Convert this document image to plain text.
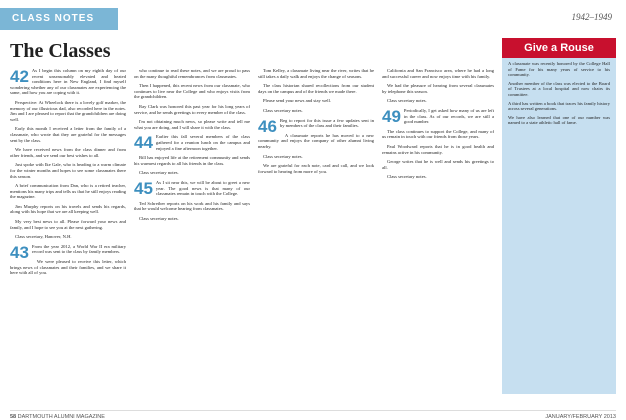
CLASS NOTES	1942–1949
The Classes

42 As I begin this column on my eighth day of our recent unseasonably elevated and heated conditions here in New England, I find myself wondering whether any of our classmates are experiencing the same, and how you are coping with it.

Perspective: At Wheelock there is a lovely golf marker, the memory of our illustrious dad, also recorded here in the notes. Jim and I are pleased to report that the grandchildren are doing well.

Early this month I received a letter from the family of a classmate, who wrote that they are grateful for the messages sent by the class.

We have received news from the class dinner and from other friends, and we send our best wishes to all.

Just spoke with Ike Gale, who is heading to a warm climate for the winter months and hopes to see some classmates there this season.

A brief communication from Dan, who is a retired teacher, mentions his many trips and tells us that he still enjoys reading the magazine.

Jim Murphy reports on his travels and sends his regards, along with his hope that we are all keeping well.

My very best news to all. Please forward your news and family, and I hope to see you at the next gathering.

Class secretary, Hanover, N.H.

43 From the year 2012, a World War II era military record was sent to the class by family members.

We were pleased to receive this letter, which brings news of classmates and their families, and we share it here with all of you.

who continue to read these notes, and we are proud to pass on the many thoughtful remembrances from classmates.

Then I happened, this recent news from our classmate, who continues to live near the College and who enjoys visits from the grandchildren.

Ray Clark was honored this past year for his long years of service, and he sends greetings to every member of the class.

I'm not obtaining much news, so please write and tell me what you are doing, and I will share it with the class.

44 Earlier this fall several members of the class gathered for a reunion lunch on the campus and enjoyed a fine afternoon together.

Bill has enjoyed life at the retirement community and sends his warmest regards to all his friends in the class.

Class secretary notes.

45 As I sit near this, we will be about to greet a new year. The good news is that many of our classmates remain in touch with the College.

Ted Schreiber reports on his work and his family and says that he would welcome hearing from classmates.

Class secretary notes.

Tom Kelley, a classmate living near the river, writes that he still takes a daily walk and enjoys the change of seasons.

The class historian shared recollections from our student days on the campus and of the friends we made there.

Please send your news and stay well.

Class secretary notes.

46 Beg to report for this issue a few updates sent in by members of the class and their families.

A classmate reports he has moved to a new community and enjoys the company of other alumni living nearby.

Class secretary notes.

We are grateful for each note, card and call, and we look forward to hearing from more of you.

California and San Francisco area, where he had a long and successful career and now enjoys time with his family.

We had the pleasure of hearing from several classmates by telephone this season.

Class secretary notes.

49 Periodically, I get asked how many of us are left in the class. As of our records, we are still a good number.

The class continues to support the College, and many of us remain in touch with our friends from those years.

Paul Woodward reports that he is in good health and remains active in his community.

George writes that he is well and sends his greetings to all.

Class secretary notes.

Give a Rouse

A classmate was recently honored by the College Hall of Fame for his many years of service to his community.

Another member of the class was elected to the Board of Trustees at a local hospital and now chairs its committee.

A third has written a book that traces his family history across several generations.

We have also learned that one of our number was named to a state athletic hall of fame.

58 DARTMOUTH ALUMNI MAGAZINE	JANUARY/FEBRUARY 2013
